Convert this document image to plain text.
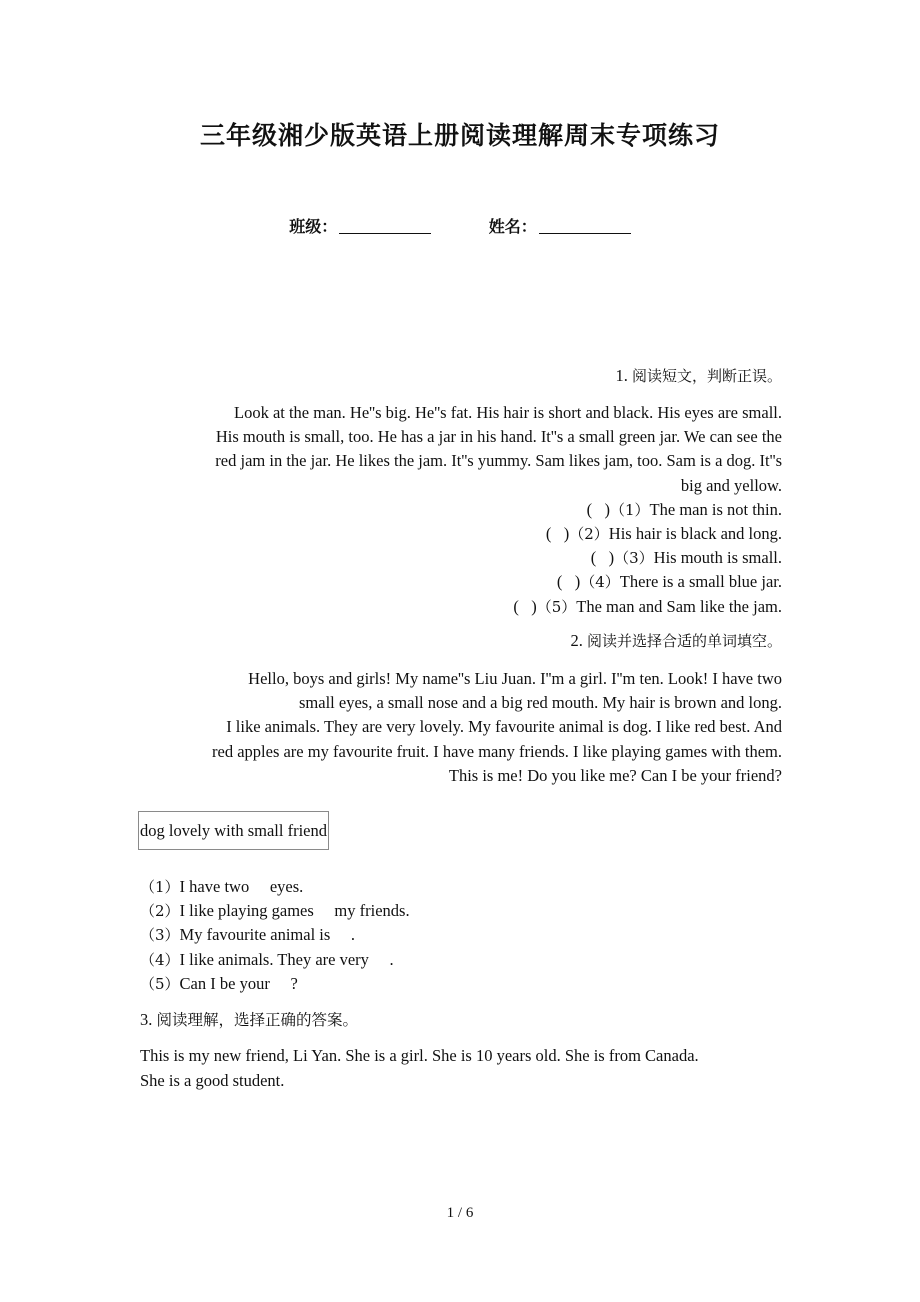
三年级湘少版英语上册阅读理解周末专项练习
班级：	姓名：
1. 阅读短文，判断正误。
Look at the man. He''s big. He''s fat. His hair is short and black. His eyes are small.
His mouth is small, too. He has a jar in his hand. It''s a small green jar. We can see the
red jam in the jar. He likes the jam. It''s yummy. Sam likes jam, too. Sam is a dog. It''s
big and yellow.
(   )（1）The man is not thin.
(   )（2）His hair is black and long.
(   )（3）His mouth is small.
(   )（4）There is a small blue jar.
(   )（5）The man and Sam like the jam.
2. 阅读并选择合适的单词填空。
Hello, boys and girls! My name''s Liu Juan. I''m a girl. I''m ten. Look! I have two
small eyes, a small nose and a big red mouth. My hair is brown and long.
I like animals. They are very lovely. My favourite animal is dog. I like red best. And
red apples are my favourite fruit. I have many friends. I like playing games with them.
This is me! Do you like me? Can I be your friend?
dog lovely with small friend
（1）I have two     eyes.
（2）I like playing games     my friends.
（3）My favourite animal is     .
（4）I like animals. They are very     .
（5）Can I be your     ?
3. 阅读理解，选择正确的答案。
This is my new friend, Li Yan. She is a girl. She is 10 years old. She is from Canada.
She is a good student.
1 / 6
